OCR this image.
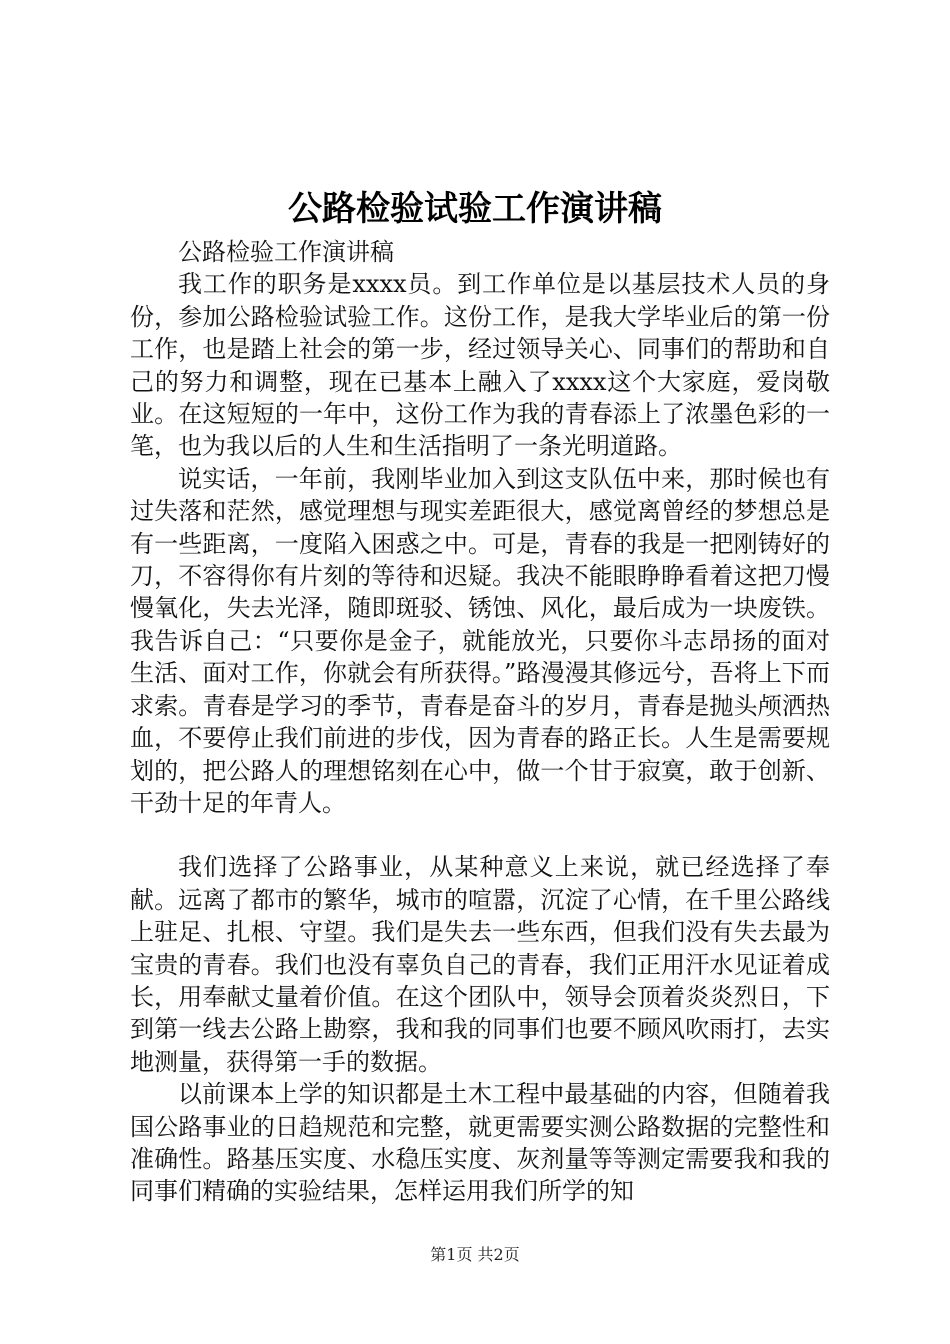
公路检验试验工作演讲稿

公路检验工作演讲稿

我工作的职务是xxxx员。到工作单位是以基层技术人员的身份，参加公路检验试验工作。这份工作，是我大学毕业后的第一份工作，也是踏上社会的第一步，经过领导关心、同事们的帮助和自己的努力和调整，现在已基本上融入了xxxx这个大家庭，爱岗敬业。在这短短的一年中，这份工作为我的青春添上了浓墨色彩的一笔，也为我以后的人生和生活指明了一条光明道路。

说实话，一年前，我刚毕业加入到这支队伍中来，那时候也有过失落和茫然，感觉理想与现实差距很大，感觉离曾经的梦想总是有一些距离，一度陷入困惑之中。可是，青春的我是一把刚铸好的刀，不容得你有片刻的等待和迟疑。我决不能眼睁睁看着这把刀慢慢氧化，失去光泽，随即斑驳、锈蚀、风化，最后成为一块废铁。我告诉自己：“只要你是金子，就能放光，只要你斗志昂扬的面对生活、面对工作，你就会有所获得。”路漫漫其修远兮，吾将上下而求索。青春是学习的季节，青春是奋斗的岁月，青春是抛头颅洒热血，不要停止我们前进的步伐，因为青春的路正长。人生是需要规划的，把公路人的理想铭刻在心中，做一个甘于寂寞，敢于创新、干劲十足的年青人。

我们选择了公路事业，从某种意义上来说，就已经选择了奉献。远离了都市的繁华，城市的喧嚣，沉淀了心情，在千里公路线上驻足、扎根、守望。我们是失去一些东西，但我们没有失去最为宝贵的青春。我们也没有辜负自己的青春，我们正用汗水见证着成长，用奉献丈量着价值。在这个团队中，领导会顶着炎炎烈日，下到第一线去公路上勘察，我和我的同事们也要不顾风吹雨打，去实地测量，获得第一手的数据。

以前课本上学的知识都是土木工程中最基础的内容，但随着我国公路事业的日趋规范和完整，就更需要实测公路数据的完整性和准确性。路基压实度、水稳压实度、灰剂量等等测定需要我和我的同事们精确的实验结果，怎样运用我们所学的知

第1页 共2页
